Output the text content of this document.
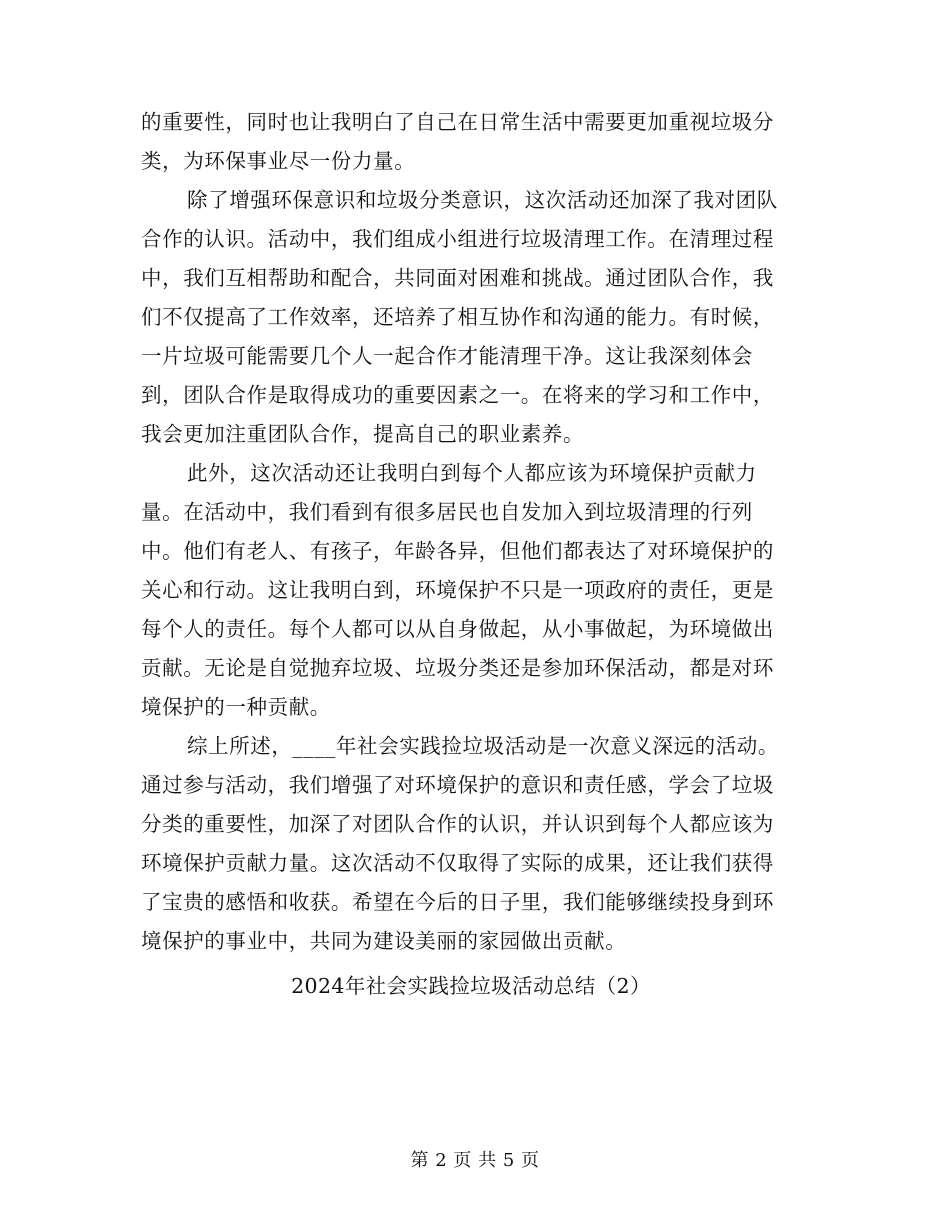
的重要性，同时也让我明白了自己在日常生活中需要更加重视垃圾分
类，为环保事业尽一份力量。
除了增强环保意识和垃圾分类意识，这次活动还加深了我对团队
合作的认识。活动中，我们组成小组进行垃圾清理工作。在清理过程
中，我们互相帮助和配合，共同面对困难和挑战。通过团队合作，我
们不仅提高了工作效率，还培养了相互协作和沟通的能力。有时候，
一片垃圾可能需要几个人一起合作才能清理干净。这让我深刻体会
到，团队合作是取得成功的重要因素之一。在将来的学习和工作中，
我会更加注重团队合作，提高自己的职业素养。
此外，这次活动还让我明白到每个人都应该为环境保护贡献力
量。在活动中，我们看到有很多居民也自发加入到垃圾清理的行列
中。他们有老人、有孩子，年龄各异，但他们都表达了对环境保护的
关心和行动。这让我明白到，环境保护不只是一项政府的责任，更是
每个人的责任。每个人都可以从自身做起，从小事做起，为环境做出
贡献。无论是自觉抛弃垃圾、垃圾分类还是参加环保活动，都是对环
境保护的一种贡献。
综上所述，____年社会实践捡垃圾活动是一次意义深远的活动。
通过参与活动，我们增强了对环境保护的意识和责任感，学会了垃圾
分类的重要性，加深了对团队合作的认识，并认识到每个人都应该为
环境保护贡献力量。这次活动不仅取得了实际的成果，还让我们获得
了宝贵的感悟和收获。希望在今后的日子里，我们能够继续投身到环
境保护的事业中，共同为建设美丽的家园做出贡献。
2024年社会实践捡垃圾活动总结（2）
第 2 页 共 5 页
